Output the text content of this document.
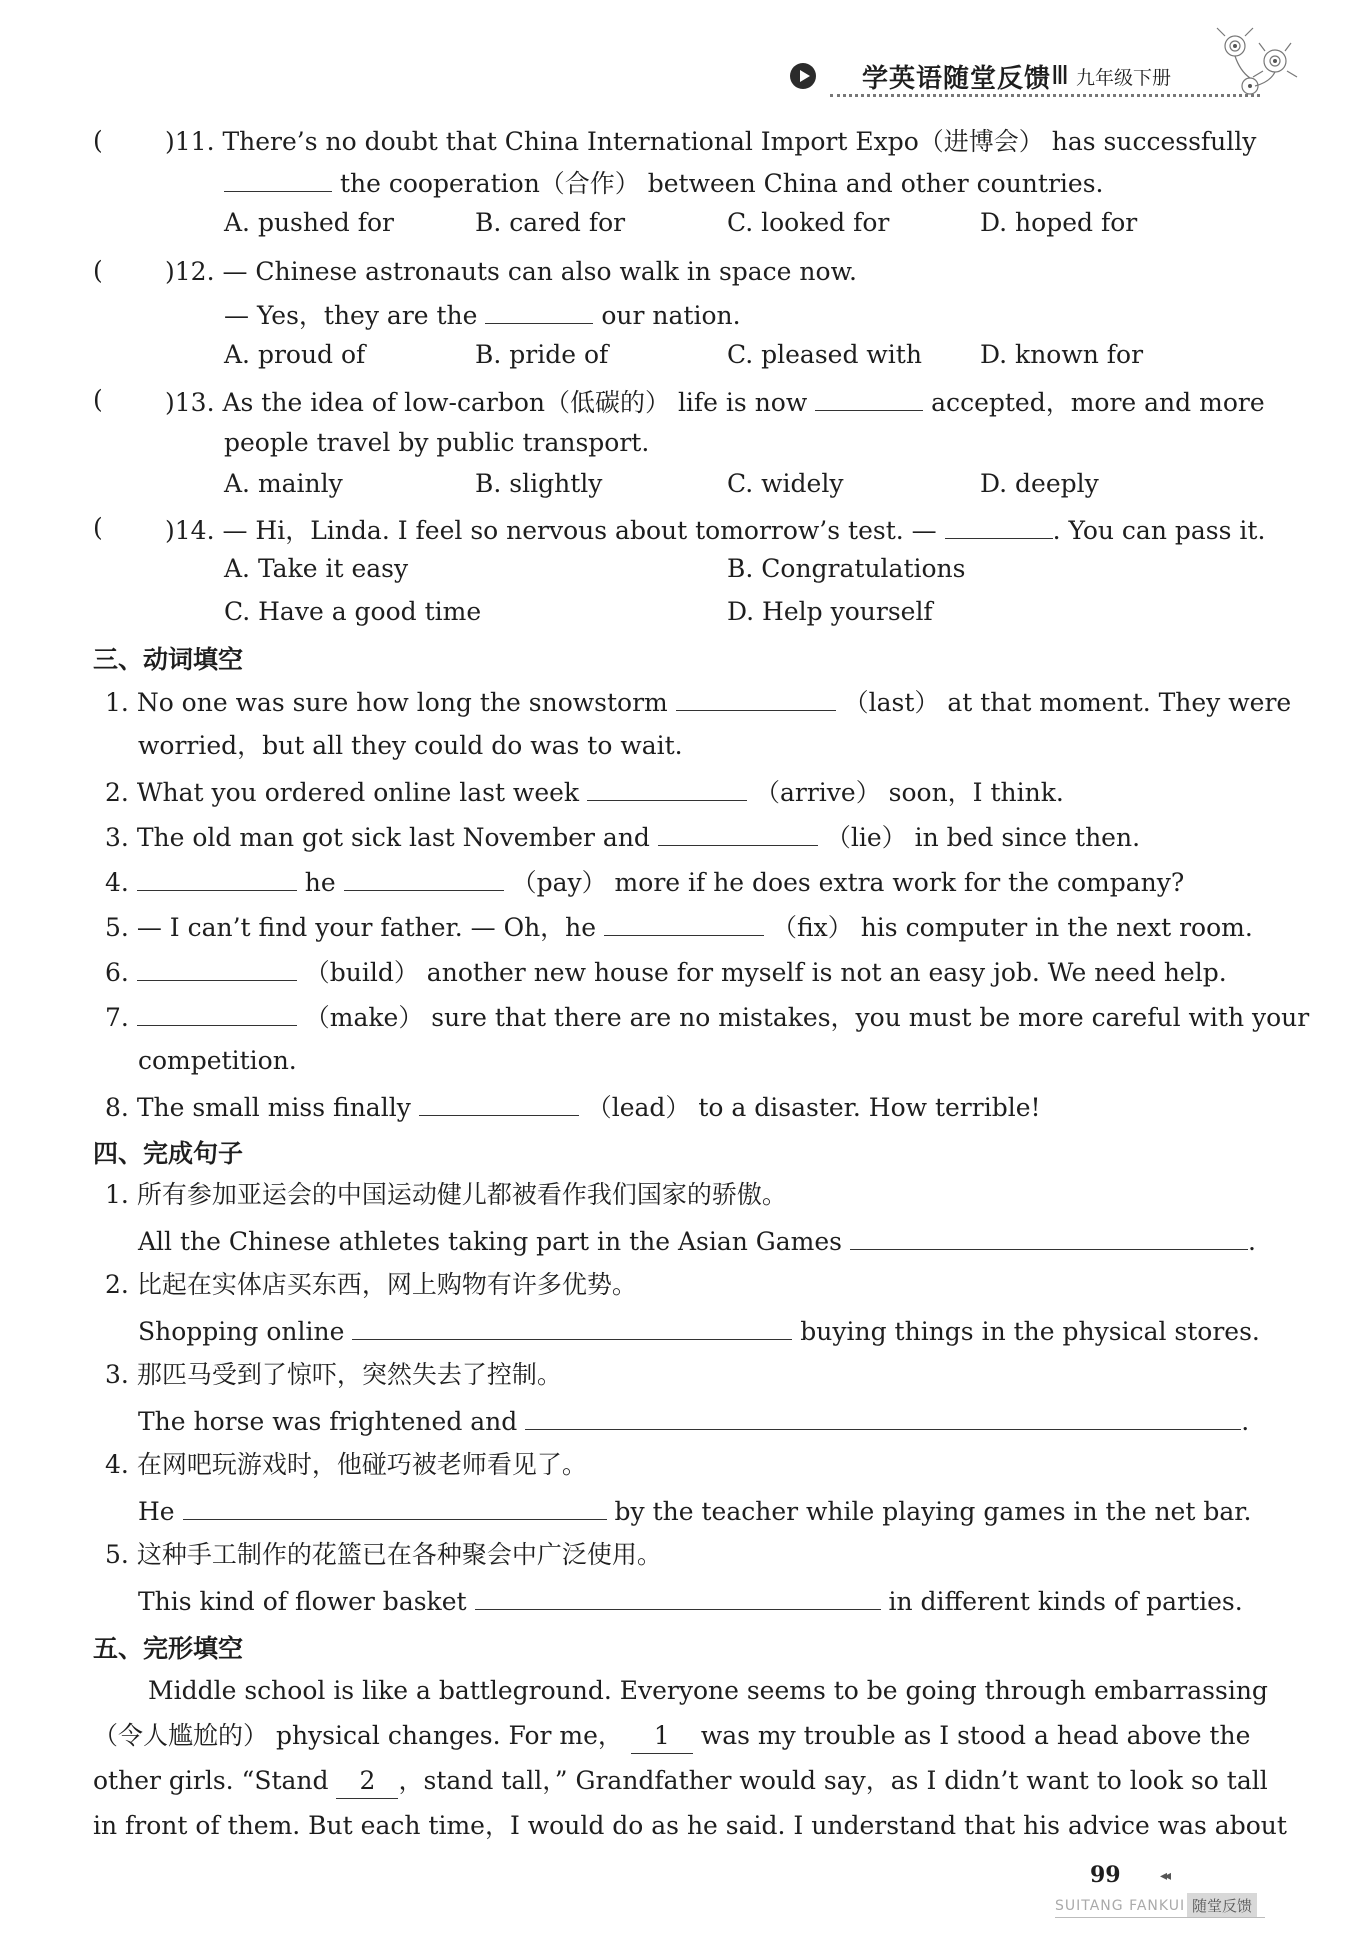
学英语随堂反馈 Ⅲ 九年级下册
( )11. There’s no doubt that China International Import Expo（进博会） has successfully
the cooperation（合作） between China and other countries.
A. pushed for	B. cared for	C. looked for	D. hoped for
( )12. — Chinese astronauts can also walk in space now.
— Yes，they are the	our nation.
A. proud of	B. pride of	C. pleased with D. known for
( )13. As the idea of low-carbon（低碳的） life is now	accepted，more and more
people travel by public transport.
A. mainly	B. slightly	C. widely	D. deeply
( )14. — Hi，Linda. I feel so nervous about tomorrow’s test. —	. You can pass it.
A. Take it easy	B. Congratulations
C. Have a good time	D. Help yourself
三、动词填空
1. No one was sure how long the snowstorm	（last） at that moment. They were
worried，but all they could do was to wait.
2. What you ordered online last week	（arrive） soon，I think.
3. The old man got sick last November and	（lie） in bed since then.
4.	he	（pay） more if he does extra work for the company?
5. — I can’t find your father. — Oh，he	（fix） his computer in the next room.
6.	（build） another new house for myself is not an easy job. We need help.
7.	（make） sure that there are no mistakes，you must be more careful with your
competition.
8. The small miss finally	（lead） to a disaster. How terrible!
四、完成句子
1. 所有参加亚运会的中国运动健儿都被看作我们国家的骄傲。
All the Chinese athletes taking part in the Asian Games	.
2. 比起在实体店买东西，网上购物有许多优势。
Shopping online	buying things in the physical stores.
3. 那匹马受到了惊吓，突然失去了控制。
The horse was frightened and	.
4. 在网吧玩游戏时，他碰巧被老师看见了。
He	by the teacher while playing games in the net bar.
5. 这种手工制作的花篮已在各种聚会中广泛使用。
This kind of flower basket	in different kinds of parties.
五、完形填空
Middle school is like a battleground. Everyone seems to be going through embarrassing
（令人尴尬的） physical changes. For me， 1 was my trouble as I stood a head above the
other girls. “Stand 2 ，stand tall，” Grandfather would say，as I didn’t want to look so tall
in front of them. But each time，I would do as he said. I understand that his advice was about
99	◂◂
SUITANG FANKUI 随堂反馈
